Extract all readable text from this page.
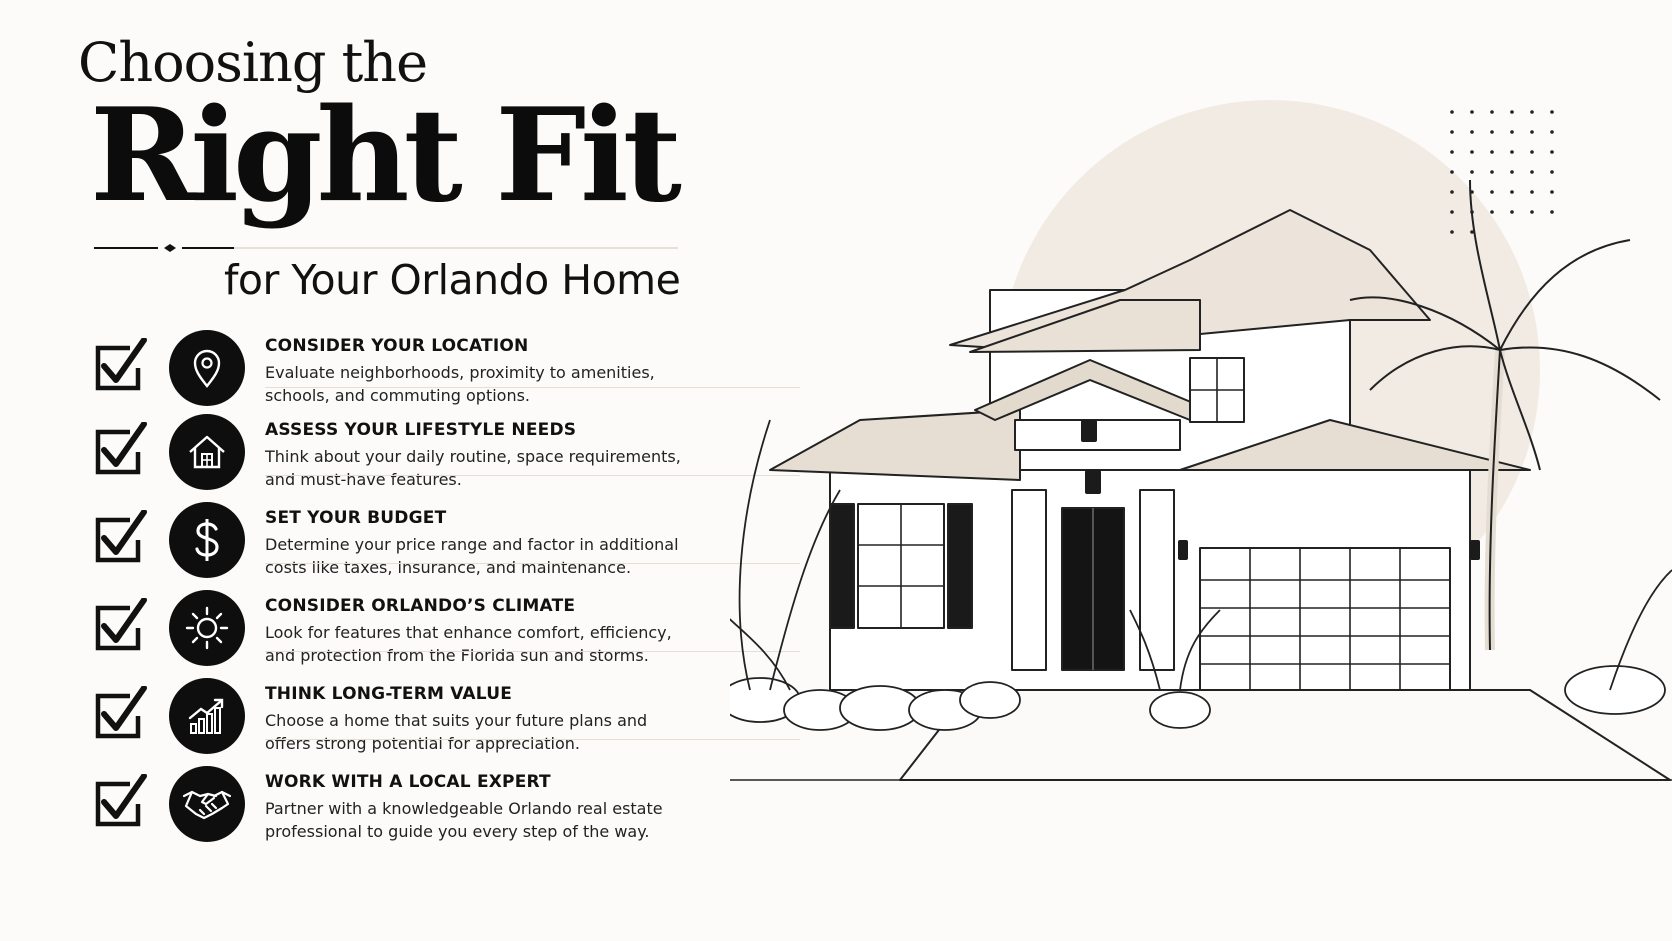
Choosing the
Right Fit
for Your Orlando Home
CONSIDER YOUR LOCATION
Evaluate neighborhoods, proximity to amenities,
schools, and commuting options.
ASSESS YOUR LIFESTYLE NEEDS
Think about your daily routine, space requirements,
and must-have features.
SET YOUR BUDGET
Determine your price range and factor in additional
costs like taxes, insurance, and maintenance.
CONSIDER ORLANDO’S CLIMATE
Look for features that enhance comfort, efficiency,
and protection from the Florida sun and storms.
THINK LONG-TERM VALUE
Choose a home that suits your future plans and
offers strong potential for appreciation.
WORK WITH A LOCAL EXPERT
Partner with a knowledgeable Orlando real estate
professional to guide you every step of the way.
